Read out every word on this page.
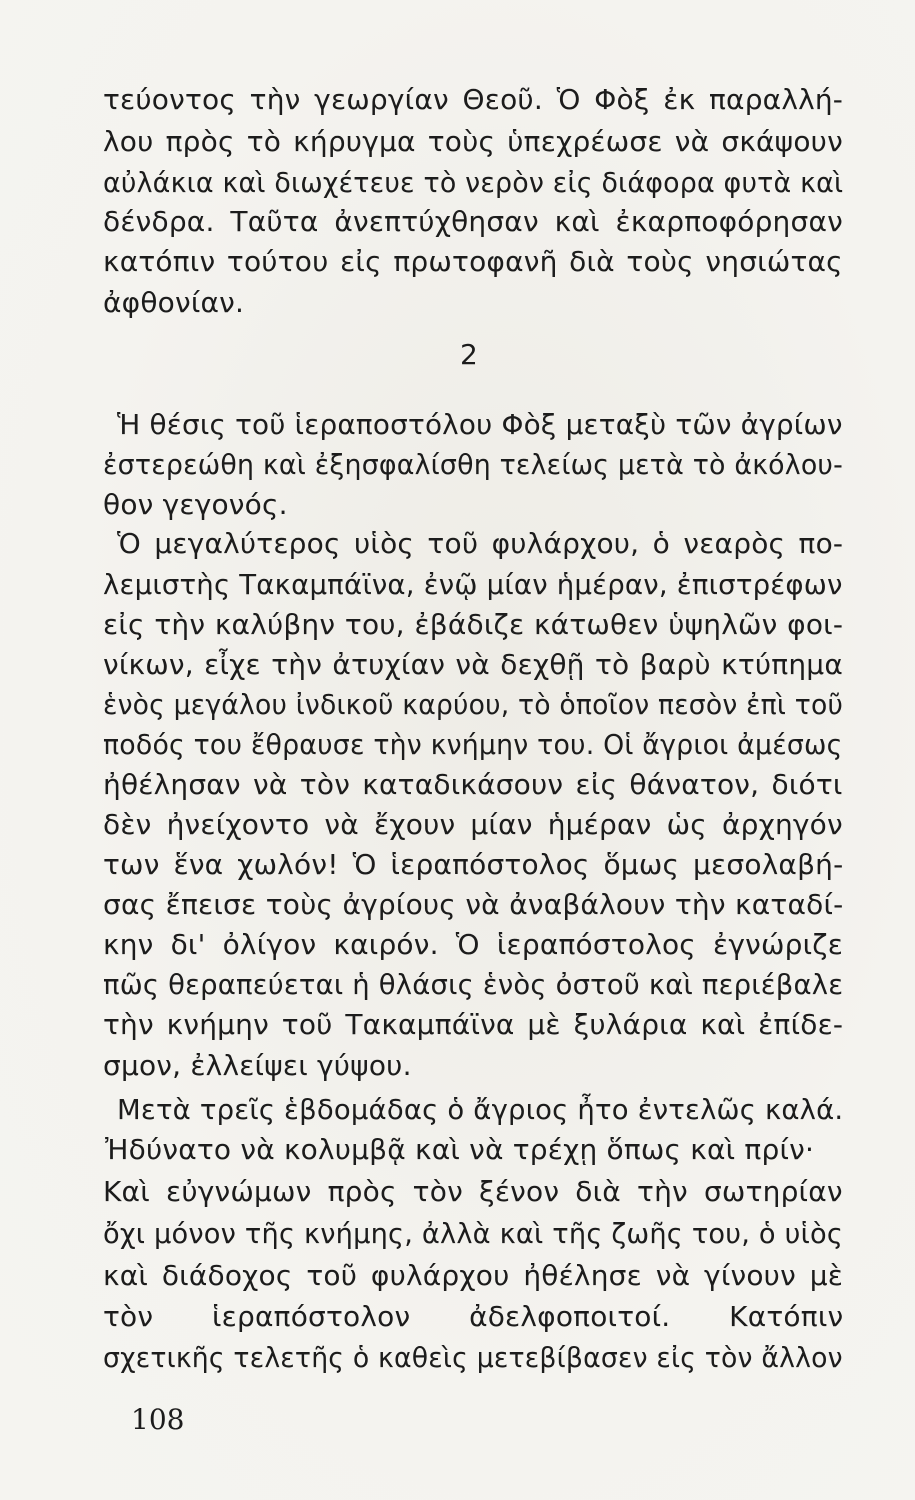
τεύοντος τὴν γεωργίαν Θεοῦ. Ὁ Φὸξ ἐκ παραλλή-
λου πρὸς τὸ κήρυγμα τοὺς ὑπεχρέωσε νὰ σκάψουν
αὐλάκια καὶ διωχέτευε τὸ νερὸν εἰς διάφορα φυτὰ καὶ
δένδρα. Ταῦτα ἀνεπτύχθησαν καὶ ἐκαρποφόρησαν
κατόπιν τούτου εἰς πρωτοφανῆ διὰ τοὺς νησιώτας
ἀφθονίαν.
2
Ἡ θέσις τοῦ ἱεραποστόλου Φὸξ μεταξὺ τῶν ἀγρίων
ἐστερεώθη καὶ ἐξησφαλίσθη τελείως μετὰ τὸ ἀκόλου-
θον γεγονός.
Ὁ μεγαλύτερος υἱὸς τοῦ φυλάρχου, ὁ νεαρὸς πο-
λεμιστὴς Τακαμπάϊνα, ἐνῷ μίαν ἡμέραν, ἐπιστρέφων
εἰς τὴν καλύβην του, ἐβάδιζε κάτωθεν ὑψηλῶν φοι-
νίκων, εἶχε τὴν ἀτυχίαν νὰ δεχθῇ τὸ βαρὺ κτύπημα
ἑνὸς μεγάλου ἰνδικοῦ καρύου, τὸ ὁποῖον πεσὸν ἐπὶ τοῦ
ποδός του ἔθραυσε τὴν κνήμην του. Οἱ ἄγριοι ἀμέσως
ἠθέλησαν νὰ τὸν καταδικάσουν εἰς θάνατον, διότι
δὲν ἠνείχοντο νὰ ἔχουν μίαν ἡμέραν ὡς ἀρχηγόν
των ἕνα χωλόν! Ὁ ἱεραπόστολος ὅμως μεσολαβή-
σας ἔπεισε τοὺς ἀγρίους νὰ ἀναβάλουν τὴν καταδί-
κην δι' ὀλίγον καιρόν. Ὁ ἱεραπόστολος ἐγνώριζε
πῶς θεραπεύεται ἡ θλάσις ἑνὸς ὀστοῦ καὶ περιέβαλε
τὴν κνήμην τοῦ Τακαμπάϊνα μὲ ξυλάρια καὶ ἐπίδε-
σμον, ἐλλείψει γύψου.
Μετὰ τρεῖς ἑβδομάδας ὁ ἄγριος ἦτο ἐντελῶς καλά.
Ἠδύνατο νὰ κολυμβᾷ καὶ νὰ τρέχῃ ὅπως καὶ πρίν·
Καὶ εὐγνώμων πρὸς τὸν ξένον διὰ τὴν σωτηρίαν
ὄχι μόνον τῆς κνήμης, ἀλλὰ καὶ τῆς ζωῆς του, ὁ υἱὸς
καὶ διάδοχος τοῦ φυλάρχου ἠθέλησε νὰ γίνουν μὲ
τὸν ἱεραπόστολον ἀδελφοποιτοί. Κατόπιν
σχετικῆς τελετῆς ὁ καθεὶς μετεβίβασεν εἰς τὸν ἄλλον
108
